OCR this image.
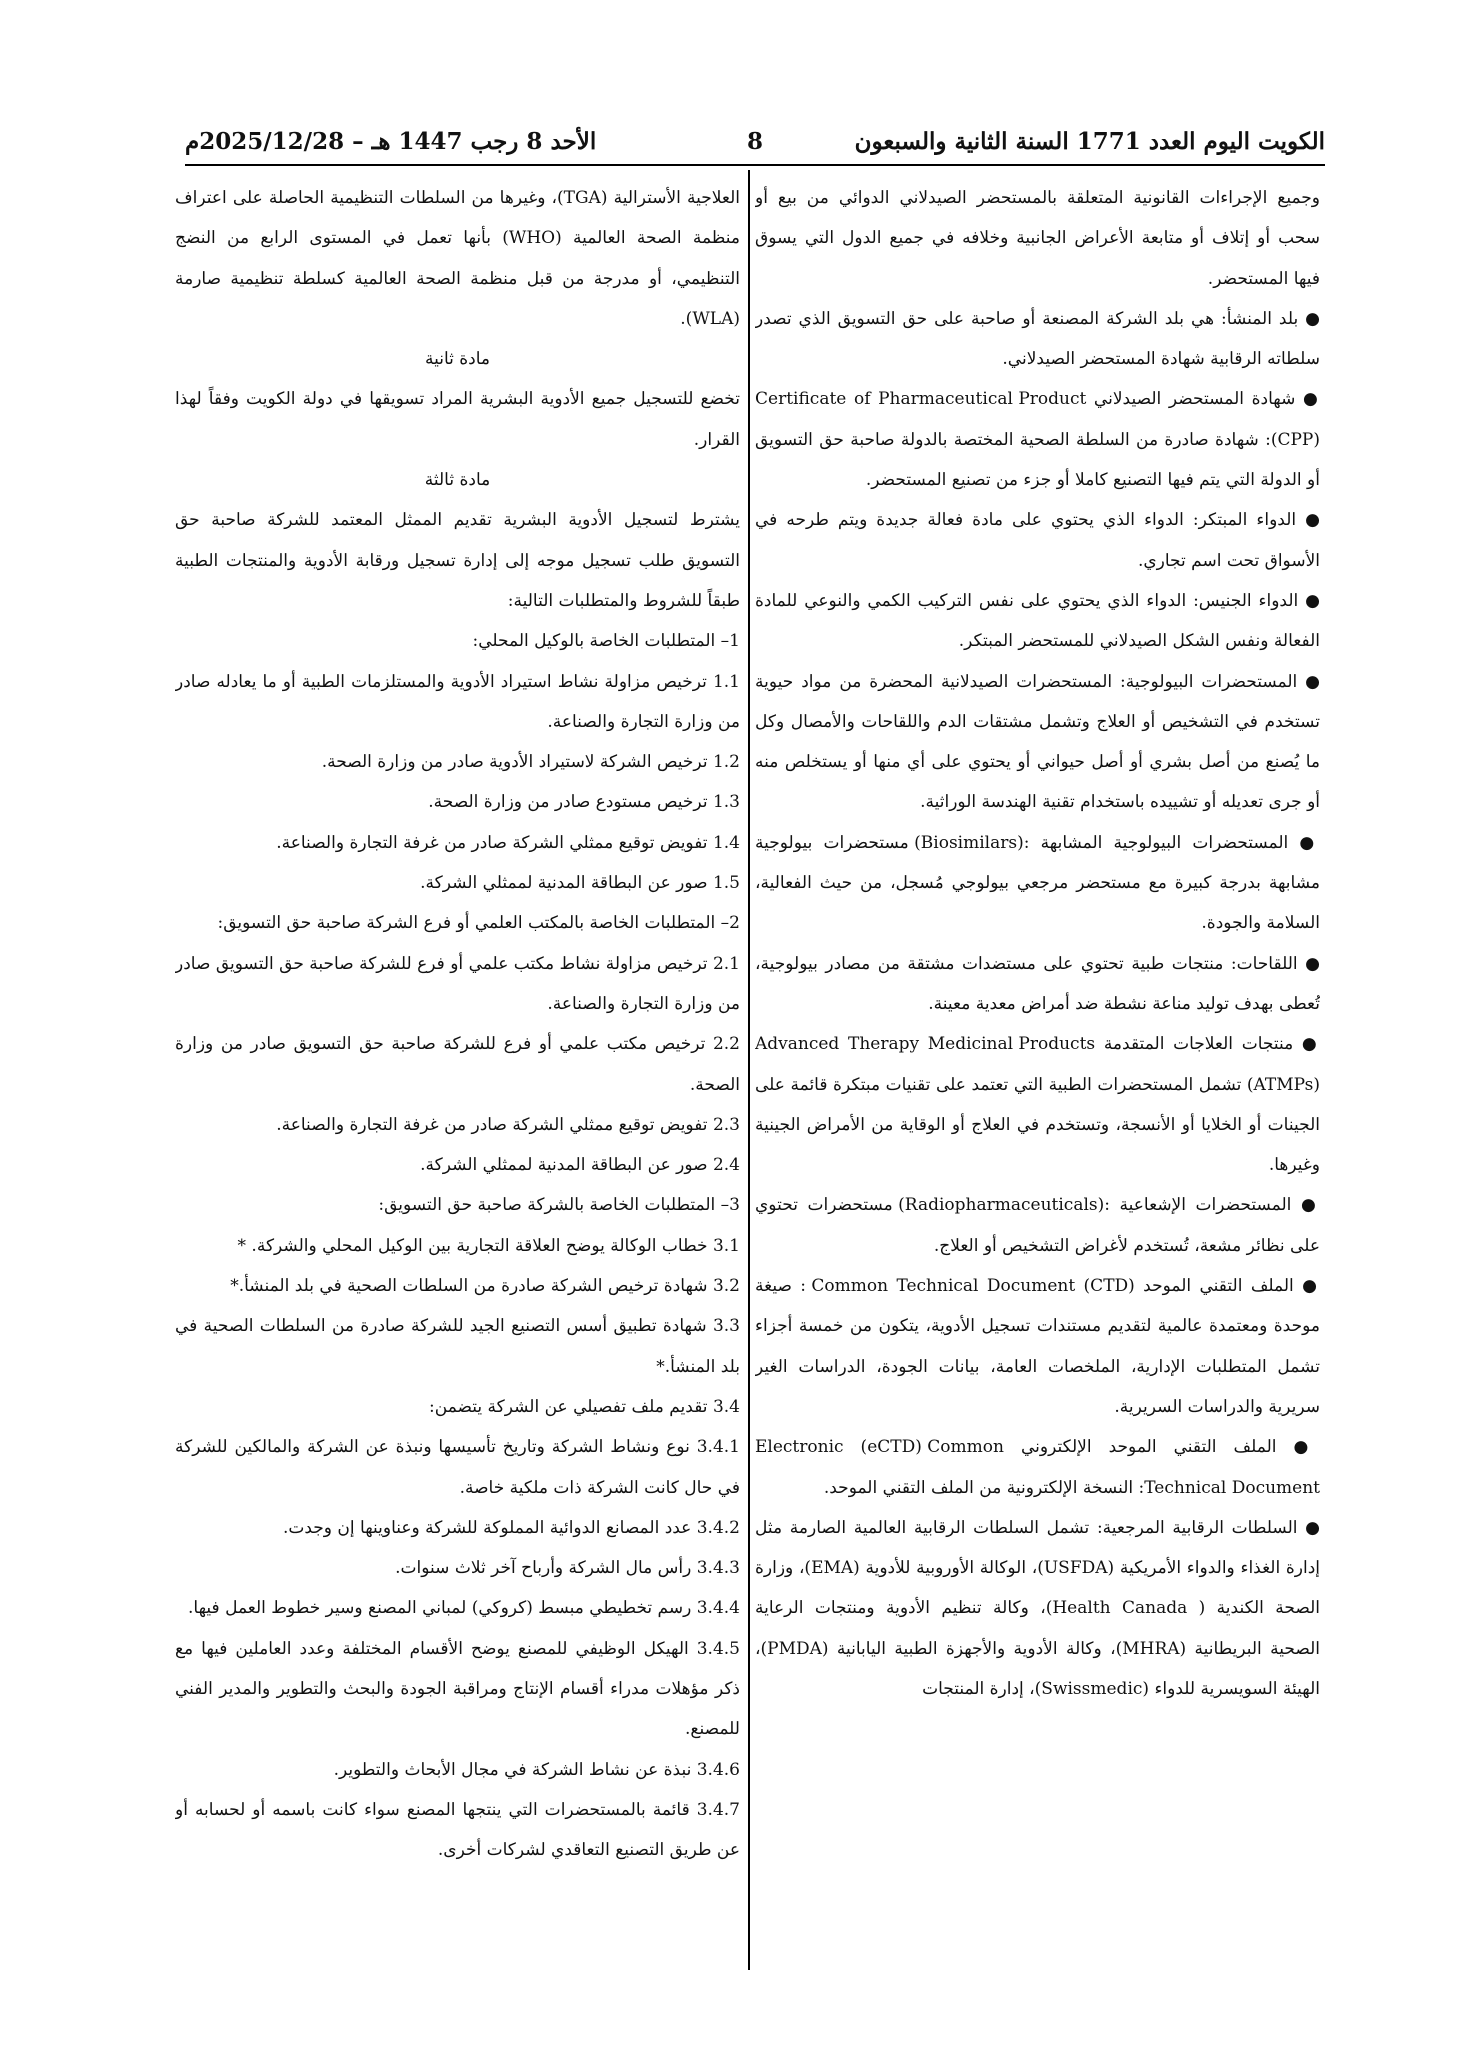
الكويت اليوم العدد 1771 السنة الثانية والسبعون
8
الأحد 8 رجب 1447 هـ – 2025/12/28م

وجميع الإجراءات القانونية المتعلقة بالمستحضر الصيدلاني الدوائي من بيع أو سحب أو إتلاف أو متابعة الأعراض الجانبية وخلافه في جميع الدول التي يسوق فيها المستحضر.

● بلد المنشأ: هي بلد الشركة المصنعة أو صاحبة على حق التسويق الذي تصدر سلطاته الرقابية شهادة المستحضر الصيدلاني.

● شهادة المستحضر الصيدلاني Certificate of Pharmaceutical Product (CPP): شهادة صادرة من السلطة الصحية المختصة بالدولة صاحبة حق التسويق أو الدولة التي يتم فيها التصنيع كاملا أو جزء من تصنيع المستحضر.

● الدواء المبتكر: الدواء الذي يحتوي على مادة فعالة جديدة ويتم طرحه في الأسواق تحت اسم تجاري.

● الدواء الجنيس: الدواء الذي يحتوي على نفس التركيب الكمي والنوعي للمادة الفعالة ونفس الشكل الصيدلاني للمستحضر المبتكر.

● المستحضرات البيولوجية: المستحضرات الصيدلانية المحضرة من مواد حيوية تستخدم في التشخيص أو العلاج وتشمل مشتقات الدم واللقاحات والأمصال وكل ما يُصنع من أصل بشري أو أصل حيواني أو يحتوي على أي منها أو يستخلص منه أو جرى تعديله أو تشييده باستخدام تقنية الهندسة الوراثية.

● المستحضرات البيولوجية المشابهة :(Biosimilars) مستحضرات بيولوجية مشابهة بدرجة كبيرة مع مستحضر مرجعي بيولوجي مُسجل، من حيث الفعالية، السلامة والجودة.

● اللقاحات: منتجات طبية تحتوي على مستضدات مشتقة من مصادر بيولوجية، تُعطى بهدف توليد مناعة نشطة ضد أمراض معدية معينة.

● منتجات العلاجات المتقدمة Advanced Therapy Medicinal Products (ATMPs) تشمل المستحضرات الطبية التي تعتمد على تقنيات مبتكرة قائمة على الجينات أو الخلايا أو الأنسجة، وتستخدم في العلاج أو الوقاية من الأمراض الجينية وغيرها.

● المستحضرات الإشعاعية :(Radiopharmaceuticals) مستحضرات تحتوي على نظائر مشعة، تُستخدم لأغراض التشخيص أو العلاج.

● الملف التقني الموحد Common Technical Document (CTD) : صيغة موحدة ومعتمدة عالمية لتقديم مستندات تسجيل الأدوية، يتكون من خمسة أجزاء تشمل المتطلبات الإدارية، الملخصات العامة، بيانات الجودة، الدراسات الغير سريرية والدراسات السريرية.

● الملف التقني الموحد الإلكتروني Electronic (eCTD) Common Technical Document: النسخة الإلكترونية من الملف التقني الموحد.

● السلطات الرقابية المرجعية: تشمل السلطات الرقابية العالمية الصارمة مثل إدارة الغذاء والدواء الأمريكية (USFDA)، الوكالة الأوروبية للأدوية (EMA)، وزارة الصحة الكندية ( Health Canada)، وكالة تنظيم الأدوية ومنتجات الرعاية الصحية البريطانية (MHRA)، وكالة الأدوية والأجهزة الطبية اليابانية (PMDA)، الهيئة السويسرية للدواء (Swissmedic)، إدارة المنتجات

العلاجية الأسترالية (TGA)، وغيرها من السلطات التنظيمية الحاصلة على اعتراف منظمة الصحة العالمية (WHO) بأنها تعمل في المستوى الرابع من النضج التنظيمي، أو مدرجة من قبل منظمة الصحة العالمية كسلطة تنظيمية صارمة (WLA).

مادة ثانية

تخضع للتسجيل جميع الأدوية البشرية المراد تسويقها في دولة الكويت وفقاً لهذا القرار.

مادة ثالثة

يشترط لتسجيل الأدوية البشرية تقديم الممثل المعتمد للشركة صاحبة حق التسويق طلب تسجيل موجه إلى إدارة تسجيل ورقابة الأدوية والمنتجات الطبية طبقاً للشروط والمتطلبات التالية:

1– المتطلبات الخاصة بالوكيل المحلي:

1.1 ترخيص مزاولة نشاط استيراد الأدوية والمستلزمات الطبية أو ما يعادله صادر من وزارة التجارة والصناعة.

1.2 ترخيص الشركة لاستيراد الأدوية صادر من وزارة الصحة.

1.3 ترخيص مستودع صادر من وزارة الصحة.

1.4 تفويض توقيع ممثلي الشركة صادر من غرفة التجارة والصناعة.

1.5 صور عن البطاقة المدنية لممثلي الشركة.

2– المتطلبات الخاصة بالمكتب العلمي أو فرع الشركة صاحبة حق التسويق:

2.1 ترخيص مزاولة نشاط مكتب علمي أو فرع للشركة صاحبة حق التسويق صادر من وزارة التجارة والصناعة.

2.2 ترخيص مكتب علمي أو فرع للشركة صاحبة حق التسويق صادر من وزارة الصحة.

2.3 تفويض توقيع ممثلي الشركة صادر من غرفة التجارة والصناعة.

2.4 صور عن البطاقة المدنية لممثلي الشركة.

3– المتطلبات الخاصة بالشركة صاحبة حق التسويق:

3.1 خطاب الوكالة يوضح العلاقة التجارية بين الوكيل المحلي والشركة. *

3.2 شهادة ترخيص الشركة صادرة من السلطات الصحية في بلد المنشأ.*

3.3 شهادة تطبيق أسس التصنيع الجيد للشركة صادرة من السلطات الصحية في بلد المنشأ.*

3.4 تقديم ملف تفصيلي عن الشركة يتضمن:

3.4.1 نوع ونشاط الشركة وتاريخ تأسيسها ونبذة عن الشركة والمالكين للشركة في حال كانت الشركة ذات ملكية خاصة.

3.4.2 عدد المصانع الدوائية المملوكة للشركة وعناوينها إن وجدت.

3.4.3 رأس مال الشركة وأرباح آخر ثلاث سنوات.

3.4.4 رسم تخطيطي مبسط (كروكي) لمباني المصنع وسير خطوط العمل فيها.

3.4.5 الهيكل الوظيفي للمصنع يوضح الأقسام المختلفة وعدد العاملين فيها مع ذكر مؤهلات مدراء أقسام الإنتاج ومراقبة الجودة والبحث والتطوير والمدير الفني للمصنع.

3.4.6 نبذة عن نشاط الشركة في مجال الأبحاث والتطوير.

3.4.7 قائمة بالمستحضرات التي ينتجها المصنع سواء كانت باسمه أو لحسابه أو عن طريق التصنيع التعاقدي لشركات أخرى.
